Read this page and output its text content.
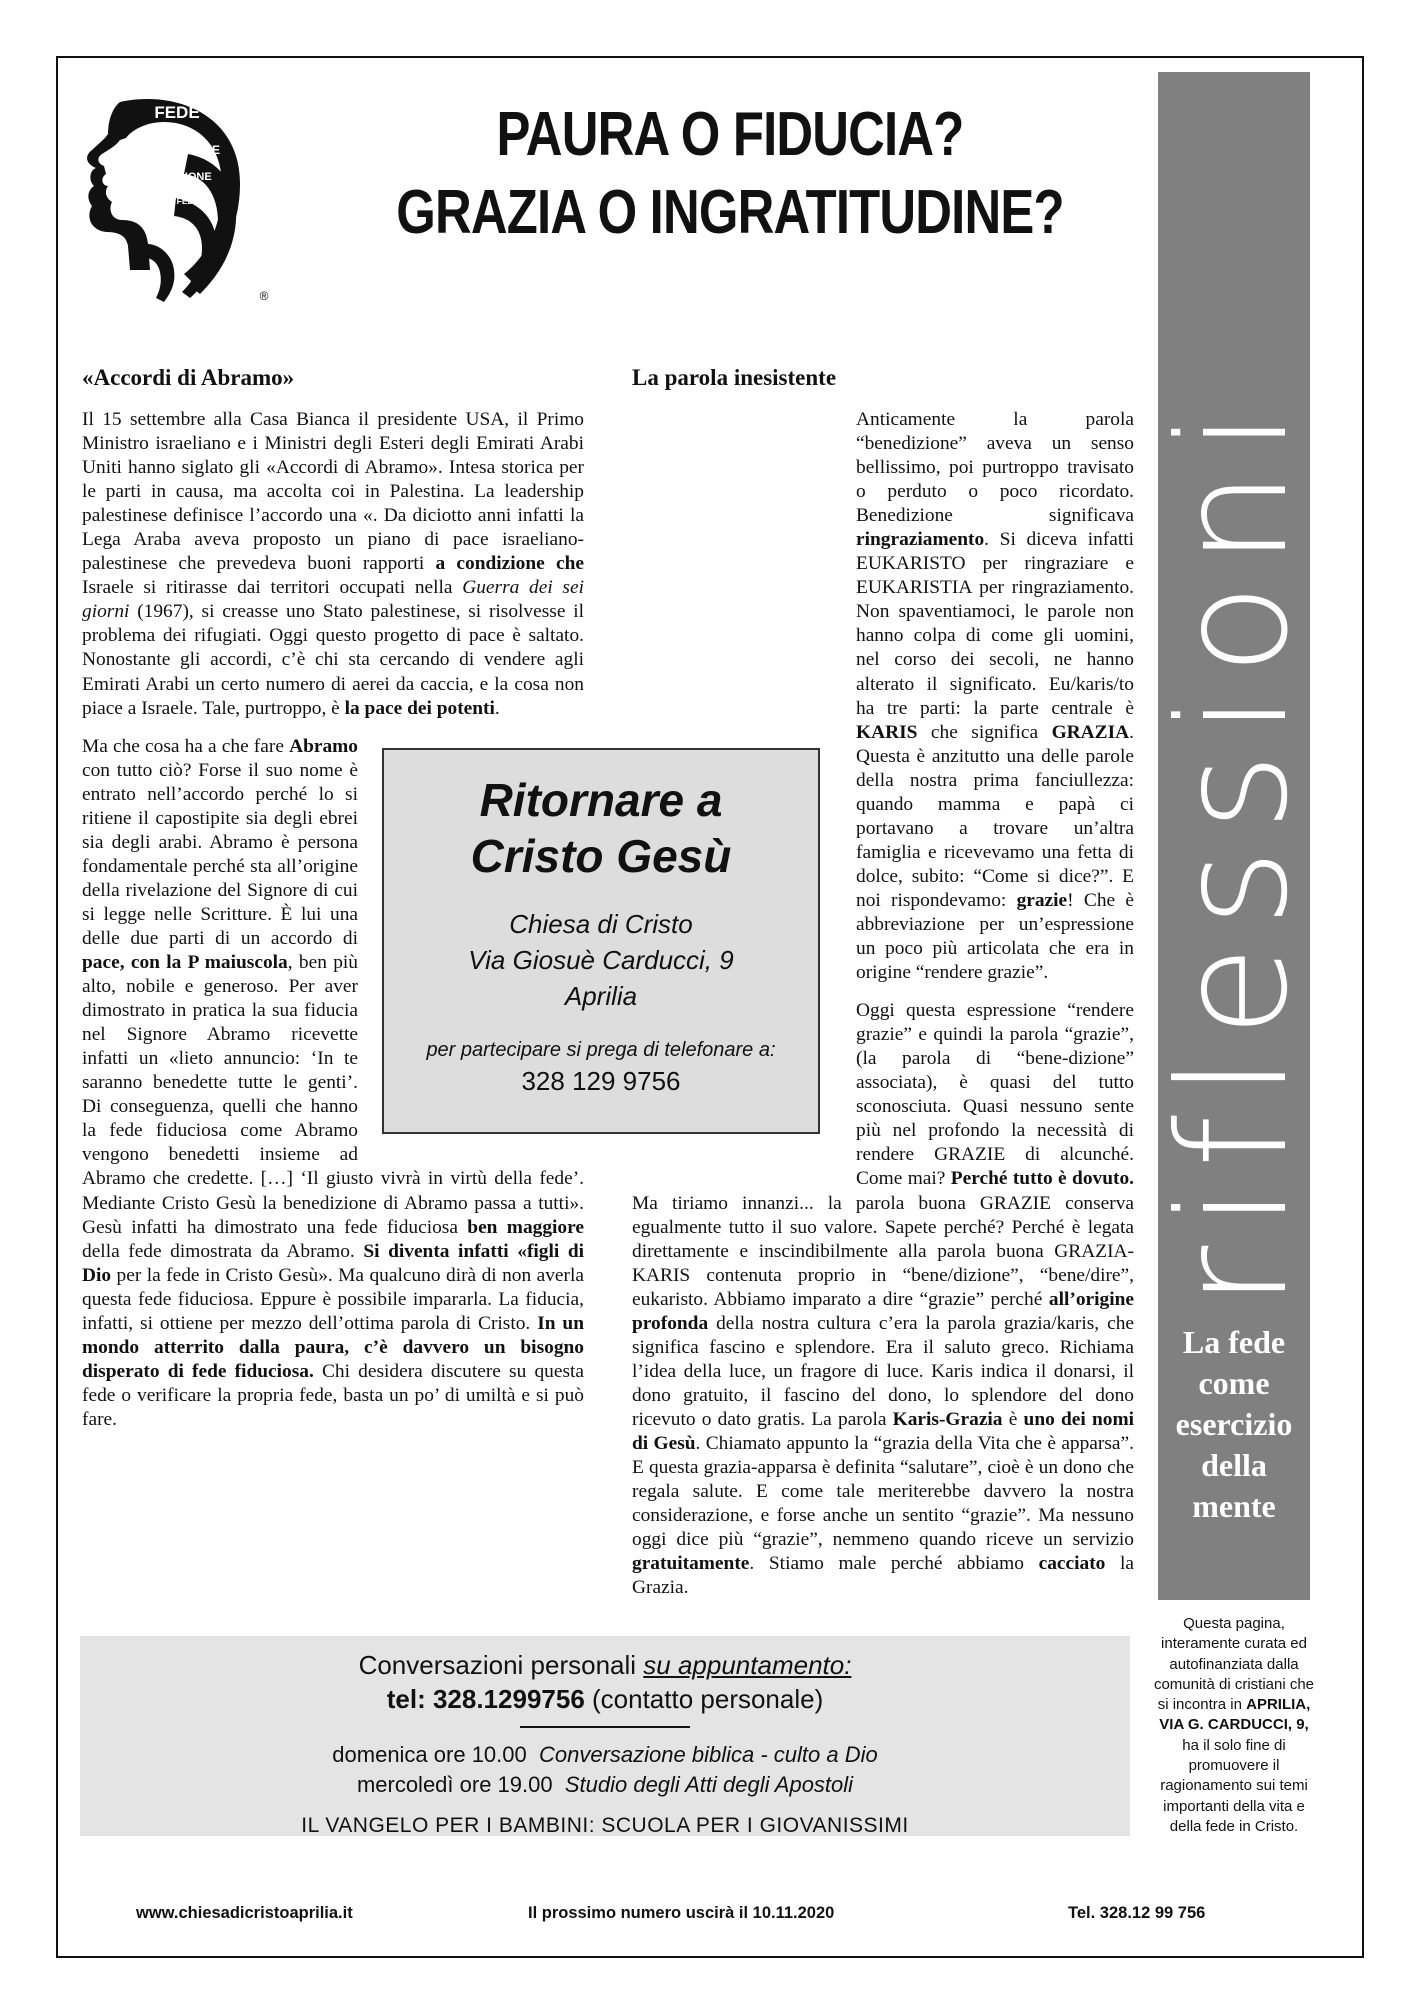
FEDE
RAGIONE
RAGIONE
FEDE
®
PAURA O FIDUCIA?
GRAZIA O INGRATITUDINE?
riflessioni
La fede
come
esercizio
della
mente
Questa pagina, interamente curata ed autofinanziata dalla comunità di cristiani che si incontra in APRILIA,
VIA G. CARDUCCI, 9, ha il solo fine di promuovere il ragionamento sui temi importanti della vita e della fede in Cristo.
«Accordi di Abramo»

Il 15 settembre alla Casa Bianca il presidente USA, il Primo Ministro israeliano e i Ministri degli Esteri degli Emirati Arabi Uniti hanno siglato gli «Accordi di Abramo». Intesa storica per le parti in causa, ma accolta coi in Palestina. La leadership palestinese definisce l’accordo una «. Da diciotto anni infatti la Lega Araba aveva proposto un piano di pace israeliano-palestinese che prevedeva buoni rapporti a condizione che Israele si ritirasse dai territori occupati nella Guerra dei sei giorni (1967), si creasse uno Stato palestinese, si risolvesse il problema dei rifugiati. Oggi questo progetto di pace è saltato. Nonostante gli accordi, c’è chi sta cercando di vendere agli Emirati Arabi un certo numero di aerei da caccia, e la cosa non piace a Israele. Tale, purtroppo, è la pace dei potenti.

Ma che cosa ha a che fare Abramo con tutto ciò? Forse il suo nome è entrato nell’accordo perché lo si ritiene il capostipite sia degli ebrei sia degli arabi. Abramo è persona fondamentale perché sta all’origine della rivelazione del Signore di cui si legge nelle Scritture. È lui una delle due parti di un accordo di pace, con la P maiuscola, ben più alto, nobile e generoso. Per aver dimostrato in pratica la sua fiducia nel Signore Abramo ricevette infatti un «lieto annuncio: ‘In te saranno benedette tutte le genti’. Di conseguenza, quelli che hanno la fede fiduciosa come Abramo vengono benedetti insieme ad Abramo che credette. […] ‘Il giusto vivrà in virtù della fede’. Mediante Cristo Gesù la benedizione di Abramo passa a tutti». Gesù infatti ha dimostrato una fede fiduciosa ben maggiore della fede dimostrata da Abramo. Si diventa infatti «figli di Dio per la fede in Cristo Gesù». Ma qualcuno dirà di non averla questa fede fiduciosa. Eppure è possibile impararla. La fiducia, infatti, si ottiene per mezzo dell’ottima parola di Cristo. In un mondo atterrito dalla paura, c’è davvero un bisogno disperato di fede fiduciosa. Chi desidera discutere su questa fede o verificare la propria fede, basta un po’ di umiltà e si può fare.

La parola inesistente

Anticamente la parola “benedizione” aveva un senso bellissimo, poi purtroppo travisato o perduto o poco ricordato. Benedizione significava ringraziamento. Si diceva infatti EUKARISTO per ringraziare e EUKARISTIA per ringraziamento. Non spaventiamoci, le parole non hanno colpa di come gli uomini, nel corso dei secoli, ne hanno alterato il significato. Eu/karis/to ha tre parti: la parte centrale è KARIS che significa GRAZIA. Questa è anzitutto una delle parole della nostra prima fanciullezza: quando mamma e papà ci portavano a trovare un’altra famiglia e ricevevamo una fetta di dolce, subito: “Come si dice?”. E noi rispondevamo: grazie! Che è abbreviazione per un’espressione un poco più articolata che era in origine “rendere grazie”.

Oggi questa espressione “rendere grazie” e quindi la parola “grazie”, (la parola di “bene-dizione” associata), è quasi del tutto sconosciuta. Quasi nessuno sente più nel profondo la necessità di rendere GRAZIE di alcunché. Come mai? Perché tutto è dovuto. Ma tiriamo innanzi... la parola buona GRAZIE conserva egualmente tutto il suo valore. Sapete perché? Perché è legata direttamente e inscindibilmente alla parola buona GRAZIA-KARIS contenuta proprio in “bene/dizione”, “bene/dire”, eukaristo. Abbiamo imparato a dire “grazie” perché all’origine profonda della nostra cultura c’era la parola grazia/karis, che significa fascino e splendore. Era il saluto greco. Richiama l’idea della luce, un fragore di luce. Karis indica il donarsi, il dono gratuito, il fascino del dono, lo splendore del dono ricevuto o dato gratis. La parola Karis-Grazia è uno dei nomi di Gesù. Chiamato appunto la “grazia della Vita che è apparsa”. E questa grazia-apparsa è definita “salutare”, cioè è un dono che regala salute. E come tale meriterebbe davvero la nostra considerazione, e forse anche un sentito “grazie”. Ma nessuno oggi dice più “grazie”, nemmeno quando riceve un servizio gratuitamente. Stiamo male perché abbiamo cacciato la Grazia.

Ritornare a
Cristo Gesù
Chiesa di Cristo
Via Giosuè Carducci, 9
Aprilia
per partecipare si prega di telefonare a:
328 129 9756
Conversazioni personali su appuntamento:
tel: 328.1299756 (contatto personale)
domenica ore 10.00 Conversazione biblica - culto a Dio
mercoledì ore 19.00 Studio degli Atti degli Apostoli
IL VANGELO PER I BAMBINI: SCUOLA PER I GIOVANISSIMI
www.chiesadicristoaprilia.it	Il prossimo numero uscirà il 10.11.2020	Tel. 328.12 99 756
